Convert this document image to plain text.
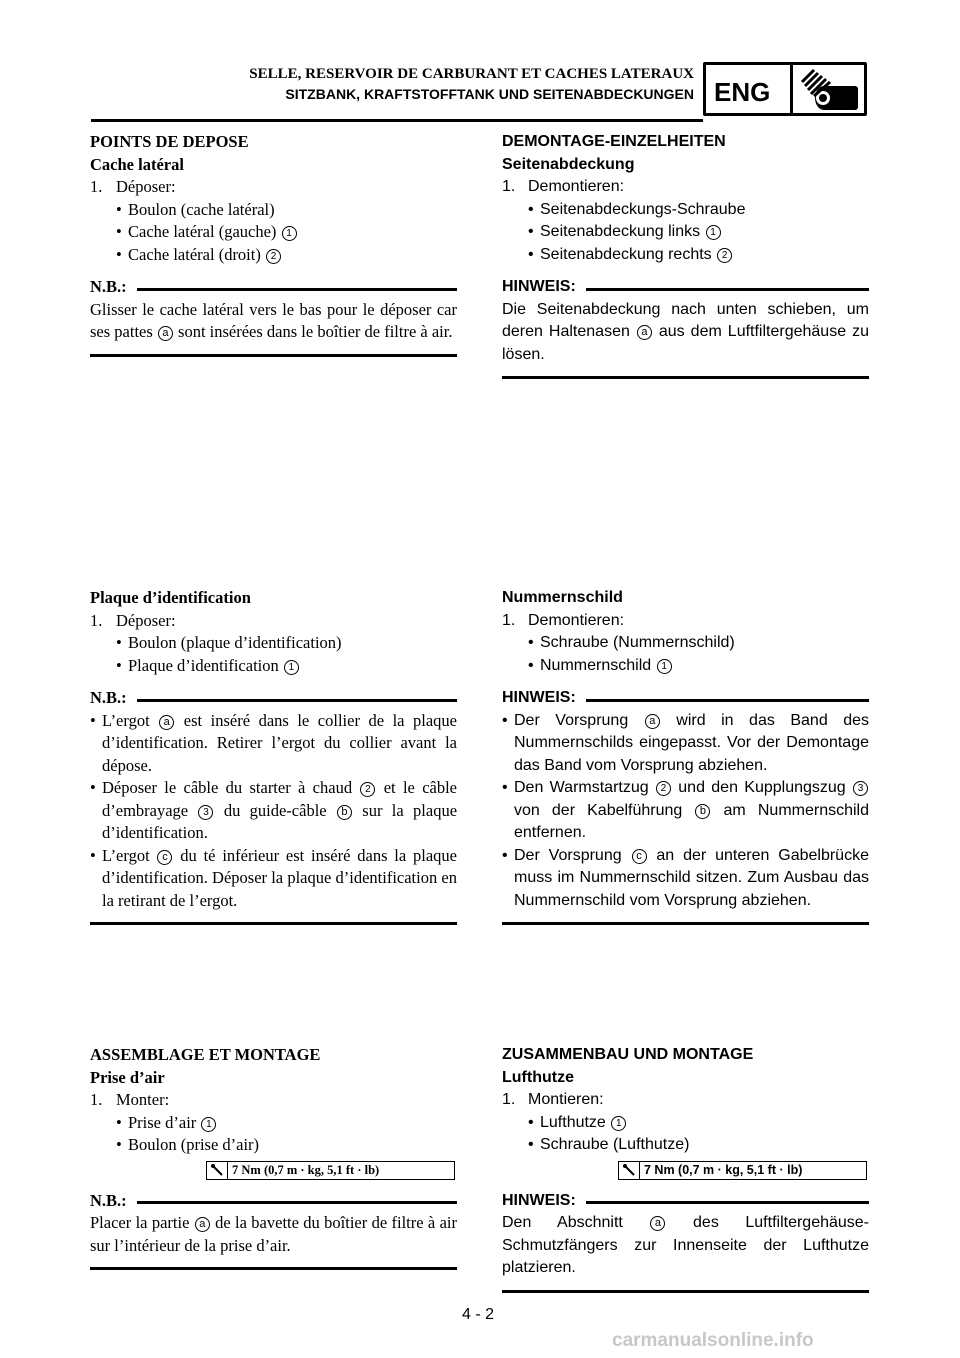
SELLE, RESERVOIR DE CARBURANT ET CACHES LATERAUX
SITZBANK, KRAFTSTOFFTANK UND SEITENABDECKUNGEN ENG
POINTS DE DEPOSE
Cache latéral
1. Déposer:
• Boulon (cache latéral)
• Cache latéral (gauche) 1
• Cache latéral (droit) 2
N.B.:
Glisser le cache latéral vers le bas pour le déposer car ses pattes a sont insérées dans le boîtier de filtre à air.
Plaque d’identification
1. Déposer:
• Boulon (plaque d’identification)
• Plaque d’identification 1
N.B.:
• L’ergot a est inséré dans le collier de la plaque d’identification. Retirer l’ergot du collier avant la dépose.
• Déposer le câble du starter à chaud 2 et le câble d’embrayage 3 du guide-câble b sur la plaque d’identification.
• L’ergot c du té inférieur est inséré dans la plaque d’identification. Déposer la plaque d’identification en la retirant de l’ergot.
ASSEMBLAGE ET MONTAGE
Prise d’air
1. Monter:
• Prise d’air 1
• Boulon (prise d’air)
7 Nm (0,7 m · kg, 5,1 ft · lb)
N.B.:
Placer la partie a de la bavette du boîtier de filtre à air sur l’intérieur de la prise d’air.
DEMONTAGE-EINZELHEITEN
Seitenabdeckung
1. Demontieren:
• Seitenabdeckungs-Schraube
• Seitenabdeckung links 1
• Seitenabdeckung rechts 2
HINWEIS:
Die Seitenabdeckung nach unten schieben, um deren Haltenasen a aus dem Luftfiltergehäuse zu lösen.
Nummernschild
1. Demontieren:
• Schraube (Nummernschild)
• Nummernschild 1
HINWEIS:
• Der Vorsprung a wird in das Band des Nummernschilds eingepasst. Vor der Demontage das Band vom Vorsprung abziehen.
• Den Warmstartzug 2 und den Kupplungszug 3 von der Kabelführung b am Nummernschild entfernen.
• Der Vorsprung c an der unteren Gabelbrücke muss im Nummernschild sitzen. Zum Ausbau das Nummernschild vom Vorsprung abziehen.
ZUSAMMENBAU UND MONTAGE
Lufthutze
1. Montieren:
• Lufthutze 1
• Schraube (Lufthutze)
7 Nm (0,7 m · kg, 5,1 ft · lb)
HINWEIS:
Den Abschnitt	a des Luftfiltergehäuse-Schmutzfängers zur Innenseite der Lufthutze platzieren.
4 - 2
carmanualsonline.info
